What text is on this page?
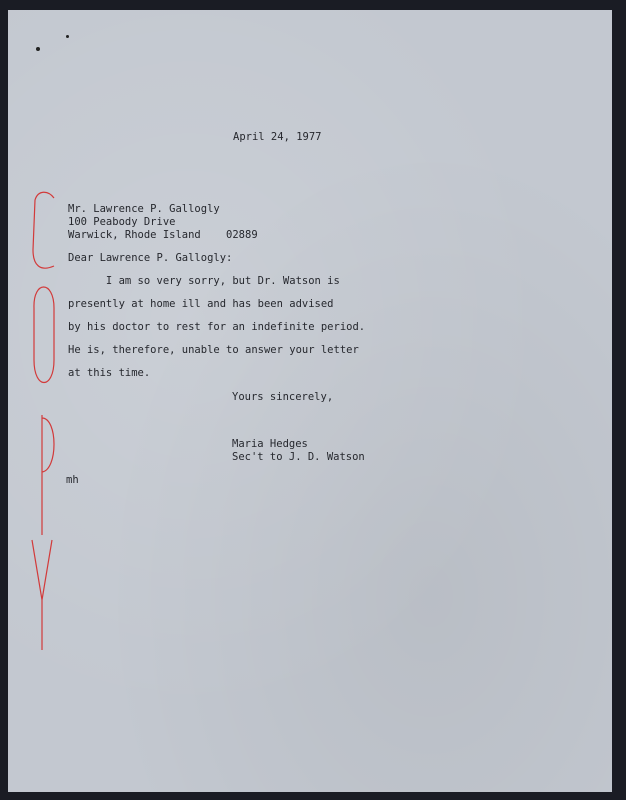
April 24, 1977
Mr. Lawrence P. Gallogly
100 Peabody Drive
Warwick, Rhode Island    02889
Dear Lawrence P. Gallogly:
I am so very sorry, but Dr. Watson is
presently at home ill and has been advised
by his doctor to rest for an indefinite period.
He is, therefore, unable to answer your letter
at this time.
Yours sincerely,
Maria Hedges
Sec't to J. D. Watson
mh
